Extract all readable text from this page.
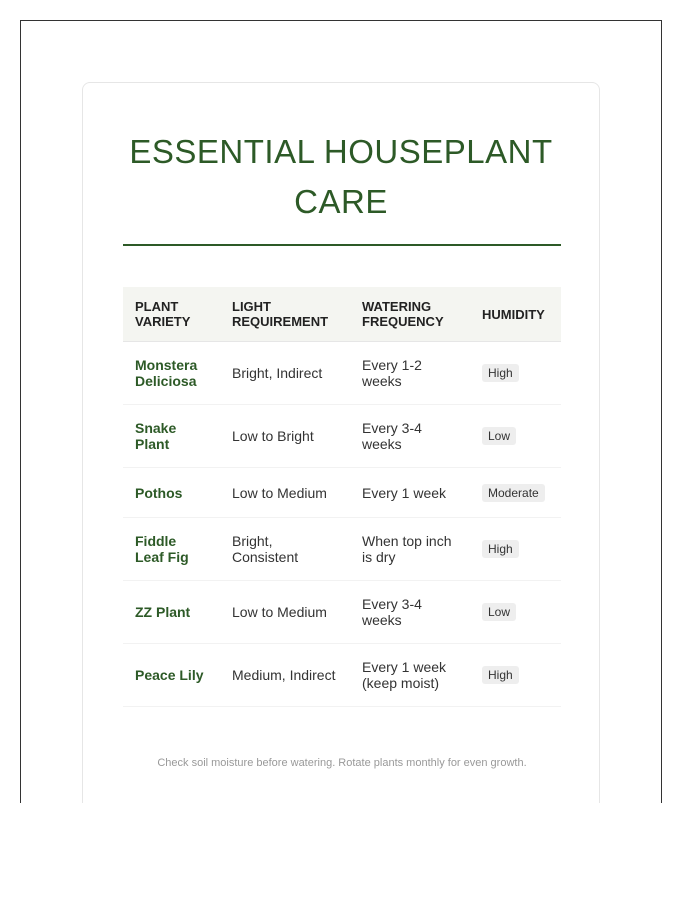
ESSENTIAL HOUSEPLANT CARE
PLANT VARIETY	LIGHT REQUIREMENT	WATERING FREQUENCY	HUMIDITY
Monstera Deliciosa	Bright, Indirect	Every 1-2 weeks	High
Snake Plant	Low to Bright	Every 3-4 weeks	Low
Pothos	Low to Medium	Every 1 week	Moderate
Fiddle Leaf Fig	Bright, Consistent	When top inch is dry	High
ZZ Plant	Low to Medium	Every 3-4 weeks	Low
Peace Lily	Medium, Indirect	Every 1 week (keep moist)	High
Check soil moisture before watering. Rotate plants monthly for even growth.
